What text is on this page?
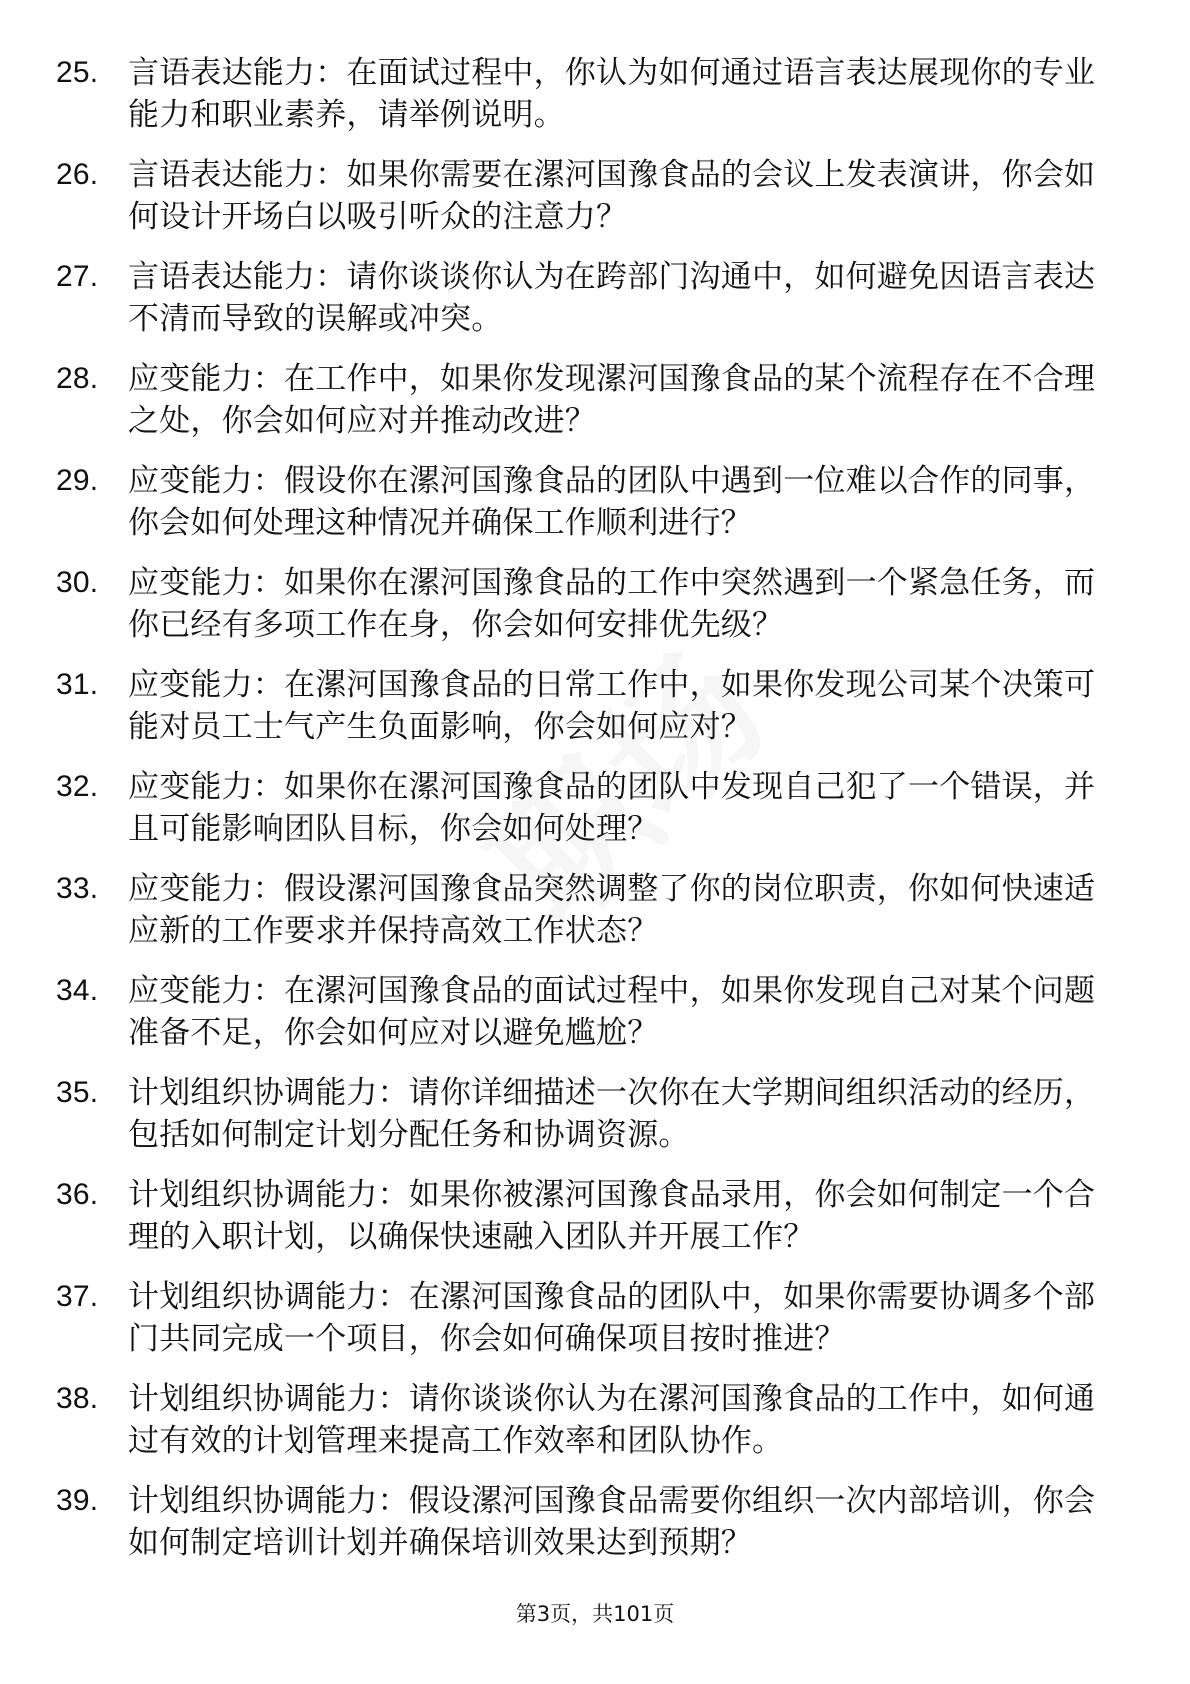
25. 言语表达能力：在面试过程中，你认为如何通过语言表达展现你的专业能力和职业素养，请举例说明。
26. 言语表达能力：如果你需要在漯河国豫食品的会议上发表演讲，你会如何设计开场白以吸引听众的注意力？
27. 言语表达能力：请你谈谈你认为在跨部门沟通中，如何避免因语言表达不清而导致的误解或冲突。
28. 应变能力：在工作中，如果你发现漯河国豫食品的某个流程存在不合理之处，你会如何应对并推动改进？
29. 应变能力：假设你在漯河国豫食品的团队中遇到一位难以合作的同事，你会如何处理这种情况并确保工作顺利进行？
30. 应变能力：如果你在漯河国豫食品的工作中突然遇到一个紧急任务，而你已经有多项工作在身，你会如何安排优先级？
31. 应变能力：在漯河国豫食品的日常工作中，如果你发现公司某个决策可能对员工士气产生负面影响，你会如何应对？
32. 应变能力：如果你在漯河国豫食品的团队中发现自己犯了一个错误，并且可能影响团队目标，你会如何处理？
33. 应变能力：假设漯河国豫食品突然调整了你的岗位职责，你如何快速适应新的工作要求并保持高效工作状态？
34. 应变能力：在漯河国豫食品的面试过程中，如果你发现自己对某个问题准备不足，你会如何应对以避免尴尬？
35. 计划组织协调能力：请你详细描述一次你在大学期间组织活动的经历，包括如何制定计划分配任务和协调资源。
36. 计划组织协调能力：如果你被漯河国豫食品录用，你会如何制定一个合理的入职计划，以确保快速融入团队并开展工作？
37. 计划组织协调能力：在漯河国豫食品的团队中，如果你需要协调多个部门共同完成一个项目，你会如何确保项目按时推进？
38. 计划组织协调能力：请你谈谈你认为在漯河国豫食品的工作中，如何通过有效的计划管理来提高工作效率和团队协作。
39. 计划组织协调能力：假设漯河国豫食品需要你组织一次内部培训，你会如何制定培训计划并确保培训效果达到预期？
第3页，共101页
